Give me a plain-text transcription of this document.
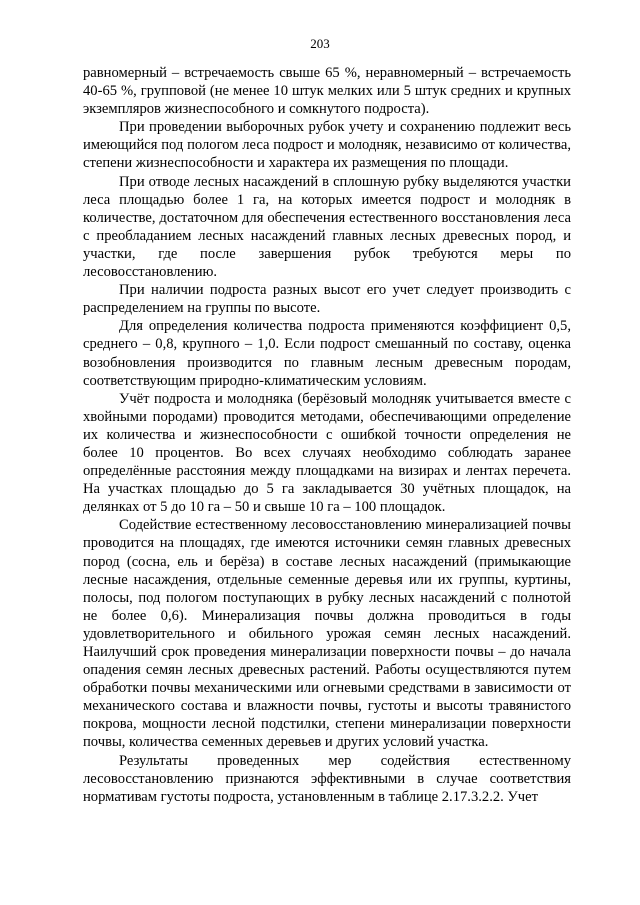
203

равномерный – встречаемость свыше 65 %, неравномерный – встречаемость 40-65 %, групповой (не менее 10 штук мелких или 5 штук средних и крупных экземпляров жизнеспособного и сомкнутого подроста).

При проведении выборочных рубок учету и сохранению подлежит весь имеющийся под пологом леса подрост и молодняк, независимо от количества, степени жизнеспособности и характера их размещения по площади.

При отводе лесных насаждений в сплошную рубку выделяются участки леса площадью более 1 га, на которых имеется подрост и молодняк в количестве, достаточном для обеспечения естественного восстановления леса с преобладанием лесных насаждений главных лесных древесных пород, и участки, где после завершения рубок требуются меры по лесовосстановлению.

При наличии подроста разных высот его учет следует производить с распределением на группы по высоте.

Для определения количества подроста применяются коэффициент 0,5, среднего – 0,8, крупного – 1,0. Если подрост смешанный по составу, оценка возобновления производится по главным лесным древесным породам, соответствующим природно-климатическим условиям.

Учёт подроста и молодняка (берёзовый молодняк учитывается вместе с хвойными породами) проводится методами, обеспечивающими определение их количества и жизнеспособности с ошибкой точности определения не более 10 процентов. Во всех случаях необходимо соблюдать заранее определённые расстояния между площадками на визирах и лентах перечета. На участках площадью до 5 га закладывается 30 учётных площадок, на делянках от 5 до 10 га – 50 и свыше 10 га – 100 площадок.

Содействие естественному лесовосстановлению минерализацией почвы проводится на площадях, где имеются источники семян главных древесных пород (сосна, ель и берёза) в составе лесных насаждений (примыкающие лесные насаждения, отдельные семенные деревья или их группы, куртины, полосы, под пологом поступающих в рубку лесных насаждений с полнотой не более 0,6). Минерализация почвы должна проводиться в годы удовлетворительного и обильного урожая семян лесных насаждений. Наилучший срок проведения минерализации поверхности почвы – до начала опадения семян лесных древесных растений. Работы осуществляются путем обработки почвы механическими или огневыми средствами в зависимости от механического состава и влажности почвы, густоты и высоты травянистого покрова, мощности лесной подстилки, степени минерализации поверхности почвы, количества семенных деревьев и других условий участка.

Результаты проведенных мер содействия естественному лесовосстановлению признаются эффективными в случае соответствия нормативам густоты подроста, установленным в таблице 2.17.3.2.2. Учет
